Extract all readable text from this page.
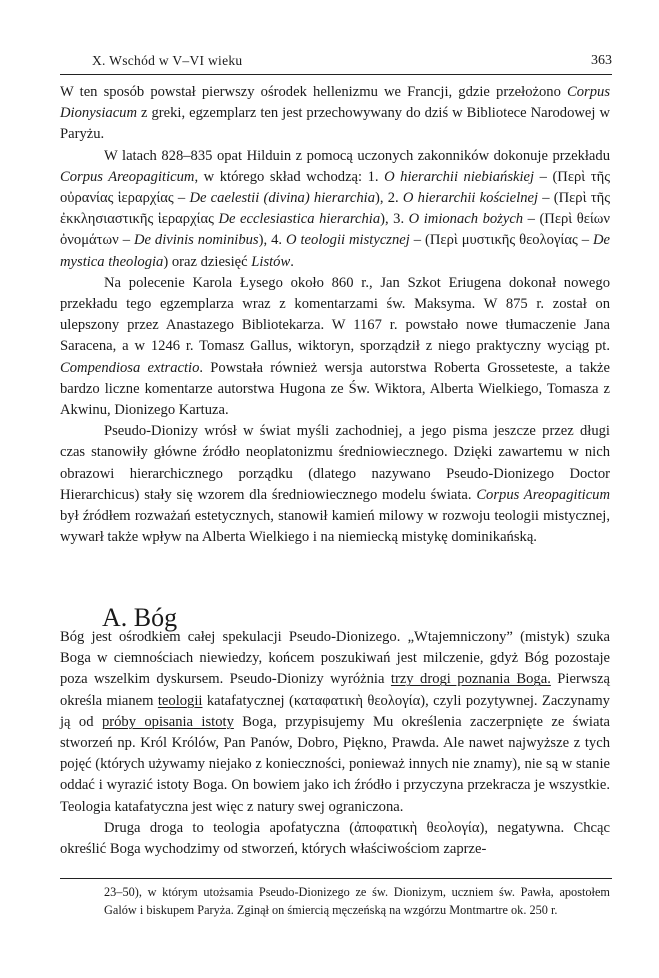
X. Wschód w V–VI wieku	363

W ten sposób powstał pierwszy ośrodek hellenizmu we Francji, gdzie przełożono Corpus Dionysiacum z greki, egzemplarz ten jest przechowywany do dziś w Bibliotece Narodowej w Paryżu.

W latach 828–835 opat Hilduin z pomocą uczonych zakonników dokonuje przekładu Corpus Areopagiticum, w którego skład wchodzą: 1. O hierarchii niebiańskiej – (Περὶ τῆς οὐρανίας ἱεραρχίας – De caelestii (divina) hierarchia), 2. O hierarchii kościelnej – (Περὶ τῆς ἐκκλησιαστικῆς ἱεραρχίας De ecclesiastica hierarchia), 3. O imionach bożych – (Περὶ θείων ὀνομάτων – De divinis nominibus), 4. O teologii mistycznej – (Περὶ μυστικῆς θεολογίας – De mystica theologia) oraz dziesięć Listów.

Na polecenie Karola Łysego około 860 r., Jan Szkot Eriugena dokonał nowego przekładu tego egzemplarza wraz z komentarzami św. Maksyma. W 875 r. został on ulepszony przez Anastazego Bibliotekarza. W 1167 r. powstało nowe tłumaczenie Jana Saracena, a w 1246 r. Tomasz Gallus, wiktoryn, sporządził z niego praktyczny wyciąg pt. Compendiosa extractio. Powstała również wersja autorstwa Roberta Grosseteste, a także bardzo liczne komentarze autorstwa Hugona ze Św. Wiktora, Alberta Wielkiego, Tomasza z Akwinu, Dionizego Kartuza.

Pseudo-Dionizy wrósł w świat myśli zachodniej, a jego pisma jeszcze przez długi czas stanowiły główne źródło neoplatonizmu średniowiecznego. Dzięki zawartemu w nich obrazowi hierarchicznego porządku (dlatego nazywano Pseudo-Dionizego Doctor Hierarchicus) stały się wzorem dla średniowiecznego modelu świata. Corpus Areopagiticum był źródłem rozważań estetycznych, stanowił kamień milowy w rozwoju teologii mistycznej, wywarł także wpływ na Alberta Wielkiego i na niemiecką mistykę dominikańską.

A. Bóg

Bóg jest ośrodkiem całej spekulacji Pseudo-Dionizego. „Wtajemniczony” (mistyk) szuka Boga w ciemnościach niewiedzy, końcem poszukiwań jest milczenie, gdyż Bóg pozostaje poza wszelkim dyskursem. Pseudo-Dionizy wyróżnia trzy drogi poznania Boga. Pierwszą określa mianem teologii katafatycznej (καταφατικὴ θεολογία), czyli pozytywnej. Zaczynamy ją od próby opisania istoty Boga, przypisujemy Mu określenia zaczerpnięte ze świata stworzeń np. Król Królów, Pan Panów, Dobro, Piękno, Prawda. Ale nawet najwyższe z tych pojęć (których używamy niejako z konieczności, ponieważ innych nie znamy), nie są w stanie oddać i wyrazić istoty Boga. On bowiem jako ich źródło i przyczyna przekracza je wszystkie. Teologia katafatyczna jest więc z natury swej ograniczona.

Druga droga to teologia apofatyczna (ἀποφατικὴ θεολογία), negatywna. Chcąc określić Boga wychodzimy od stworzeń, których właściwościom zaprze-

23–50), w którym utożsamia Pseudo-Dionizego ze św. Dionizym, uczniem św. Pawła, apostołem Galów i biskupem Paryża. Zginął on śmiercią męczeńską na wzgórzu Montmartre ok. 250 r.
